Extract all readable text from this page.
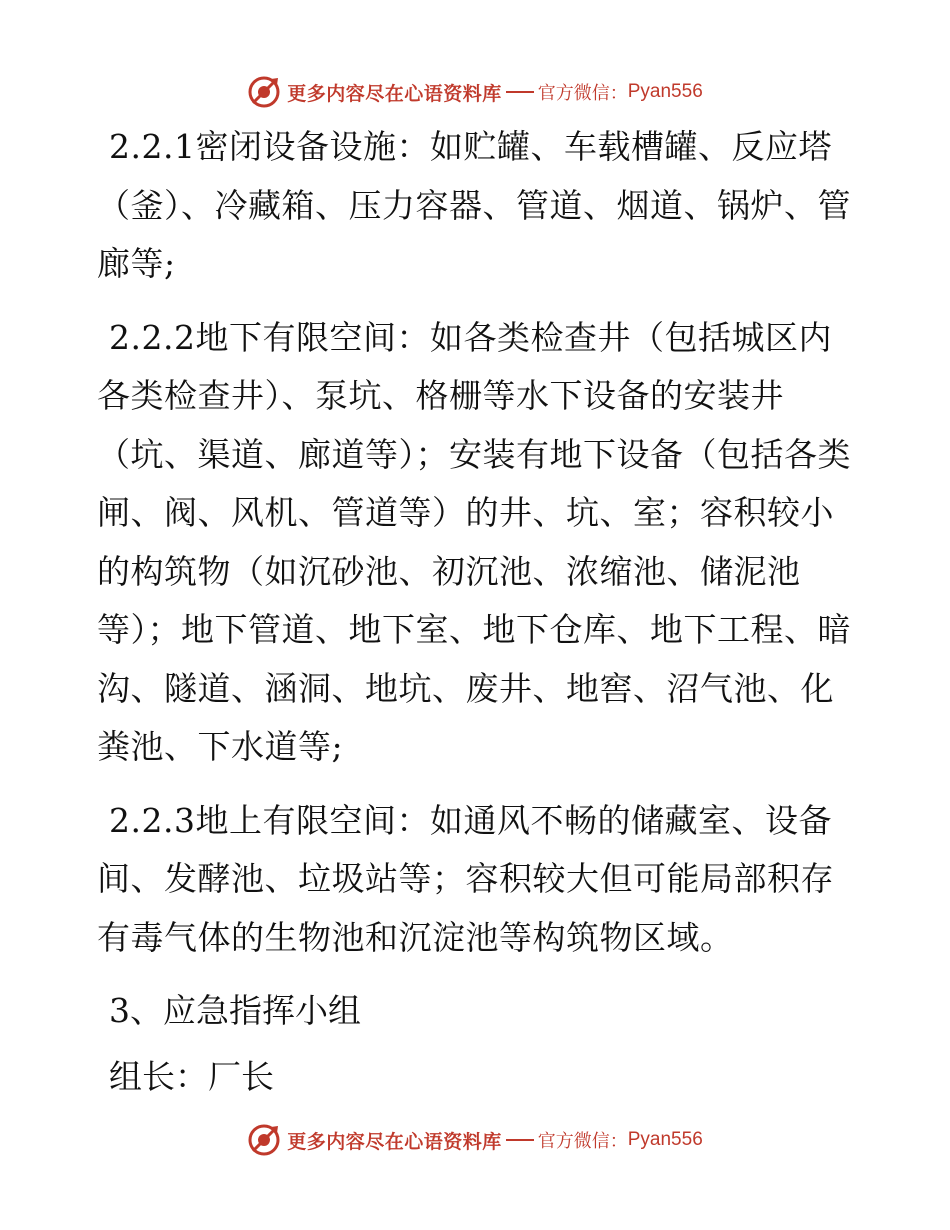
更多内容尽在心语资料库 官方微信： Pyan556

2.2.1密闭设备设施：如贮罐、车载槽罐、反应塔（釜）、冷藏箱、压力容器、管道、烟道、锅炉、管廊等;

2.2.2地下有限空间：如各类检查井（包括城区内各类检查井）、泵坑、格栅等水下设备的安装井（坑、渠道、廊道等）；安装有地下设备（包括各类闸、阀、风机、管道等）的井、坑、室；容积较小的构筑物（如沉砂池、初沉池、浓缩池、储泥池等）；地下管道、地下室、地下仓库、地下工程、暗沟、隧道、涵洞、地坑、废井、地窖、沼气池、化粪池、下水道等;

2.2.3地上有限空间：如通风不畅的储藏室、设备间、发酵池、垃圾站等；容积较大但可能局部积存有毒气体的生物池和沉淀池等构筑物区域。

3、应急指挥小组
组长：厂长
更多内容尽在心语资料库 官方微信： Pyan556
